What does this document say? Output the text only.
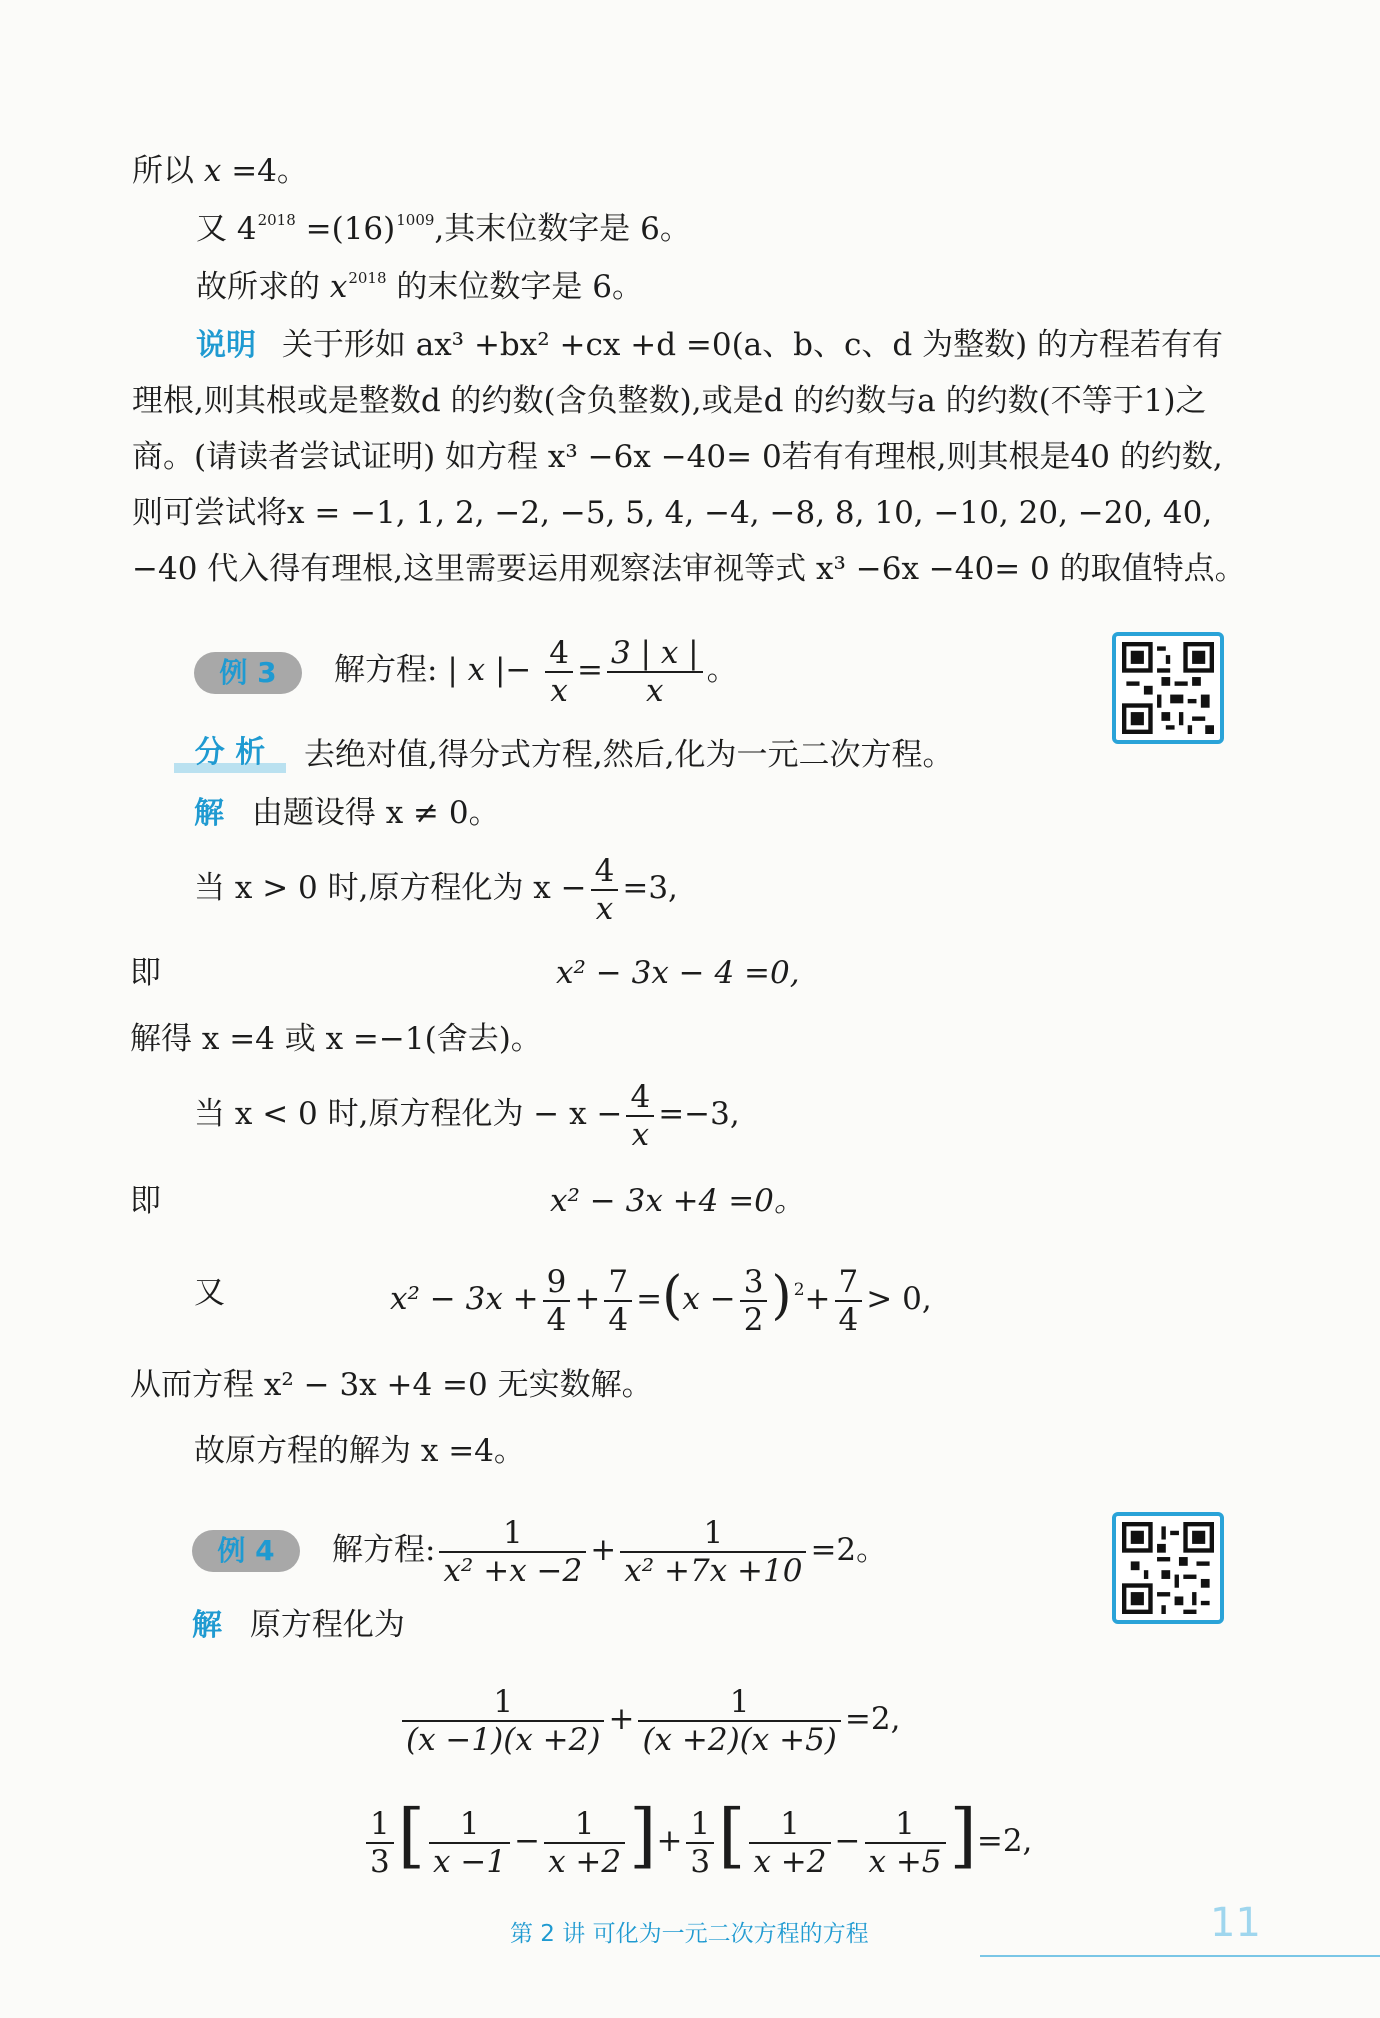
所以 x =4。
又 $4^{2018} =(16)^{1009}$,其末位数字是 6。
故所求的 $x^{2018}$ 的末位数字是 6。
说明 关于形如 ax³ +bx² +cx +d =0(a、b、c、d 为整数) 的方程若有有
理根,则其根或是整数d 的约数(含负整数),或是d 的约数与a 的约数(不等于1)之
商。(请读者尝试证明) 如方程 x³ −6x −40= 0若有有理根,则其根是40 的约数,
则可尝试将x = −1, 1, 2, −2, −5, 5, 4, −4, −8, 8, 10, −10, 20, −20, 40,
−40 代入得有理根,这里需要运用观察法审视等式 x³ −6x −40= 0 的取值特点。
例 3	解方程: | x |− $\frac{4}{x} = \frac{3 | x |}{x}$ 。
分 析	去绝对值,得分式方程,然后,化为一元二次方程。
解 由题设得 x ≠ 0。
当 x > 0 时,原方程化为 $x - \frac{4}{x} =3$,
即	x² − 3x − 4 =0,
解得 x =4 或 x =−1(舍去)。
当 x < 0 时,原方程化为 − $x - \frac{4}{x} =-3$,
即	x² − 3x +4 =0。
又	$x^2 - 3x + \frac{9}{4} + \frac{7}{4} =(x - \frac{3}{2}$ ) $^2+ \frac{7}{4} > 0$,
从而方程 x² − 3x +4 =0 无实数解。
故原方程的解为 x =4。
例 4	解方程: $\frac{1}{\text{x² +x −2}} + \frac{1}{\text{x² +7x +10}} =2$。
解 原方程化为
$\frac{1}{(x -1)(x +2)} + \frac{1}{(x +2)(x +5)} =2$,
$\frac{1}{3}$ [ $\frac{1}{x -1} - \frac{1}{x +2}$ ]+ $\frac{1}{3}$ [ $\frac{1}{x +2} - \frac{1}{x +5} ]=2$,
第 2 讲 可化为一元二次方程的方程	11
